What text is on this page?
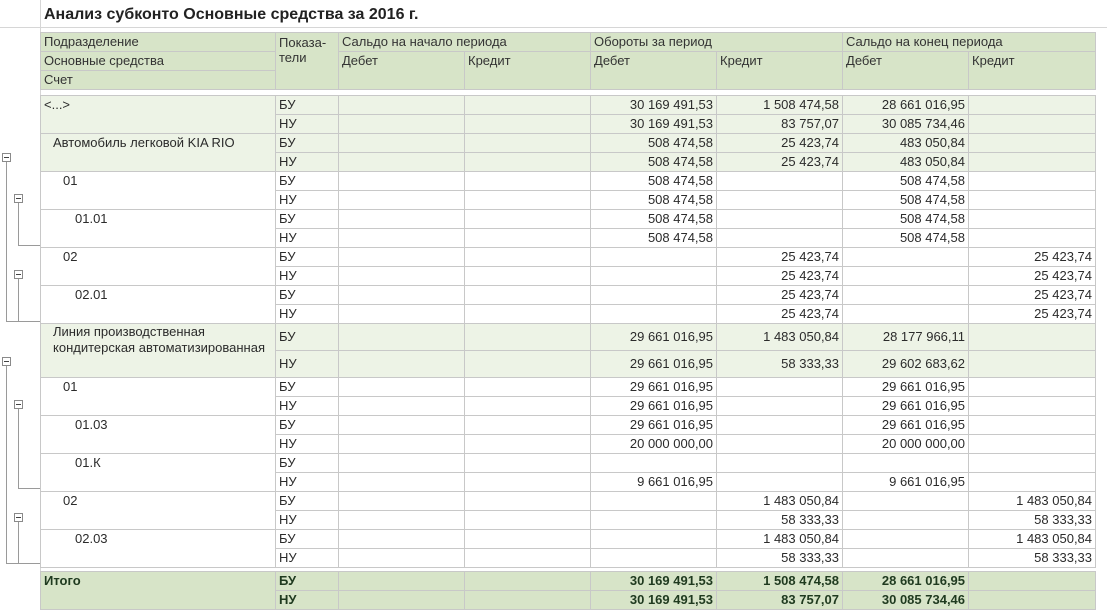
Анализ субконто Основные средства за 2016 г.
Подразделение	Показа-
тели	Сальдо на начало периода		Обороты за период		Сальдо на конец периода	
Основные средства		Дебет	Кредит	Дебет	Кредит	Дебет	Кредит
Счет							

<...>	БУ			30 169 491,53	1 508 474,58	28 661 016,95	
	НУ			30 169 491,53	83 757,07	30 085 734,46	
Автомобиль легковой KIA RIO	БУ			508 474,58	25 423,74	483 050,84	
	НУ			508 474,58	25 423,74	483 050,84	
01	БУ			508 474,58		508 474,58	
	НУ			508 474,58		508 474,58	
01.01	БУ			508 474,58		508 474,58	
	НУ			508 474,58		508 474,58	
02	БУ				25 423,74		25 423,74
	НУ				25 423,74		25 423,74
02.01	БУ				25 423,74		25 423,74
	НУ				25 423,74		25 423,74
Линия производственная кондитерская автоматизированная	БУ			29 661 016,95	1 483 050,84	28 177 966,11	
	НУ			29 661 016,95	58 333,33	29 602 683,62	
01	БУ			29 661 016,95		29 661 016,95	
	НУ			29 661 016,95		29 661 016,95	
01.03	БУ			29 661 016,95		29 661 016,95	
	НУ			20 000 000,00		20 000 000,00	
01.К	БУ						
	НУ			9 661 016,95		9 661 016,95	
02	БУ				1 483 050,84		1 483 050,84
	НУ				58 333,33		58 333,33
02.03	БУ				1 483 050,84		1 483 050,84
	НУ				58 333,33		58 333,33

Итого	БУ			30 169 491,53	1 508 474,58	28 661 016,95	
	НУ			30 169 491,53	83 757,07	30 085 734,46	
